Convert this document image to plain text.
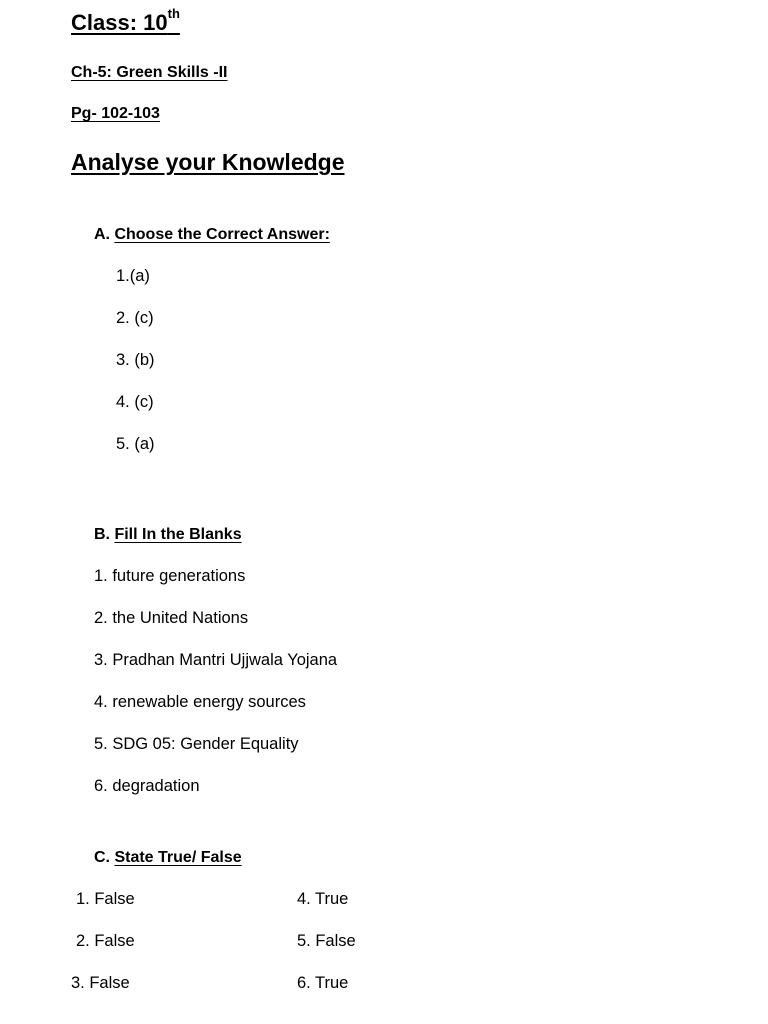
Class: 10th
Ch-5: Green Skills -II
Pg- 102-103
Analyse your Knowledge
A. Choose the Correct Answer:
1.(a)
2. (c)
3. (b)
4. (c)
5. (a)
B. Fill In the Blanks
1. future generations
2. the United Nations
3. Pradhan Mantri Ujjwala Yojana
4. renewable energy sources
5. SDG 05: Gender Equality
6. degradation
C. State True/ False
1. False
2. False
3. False
4. True
5. False
6. True
